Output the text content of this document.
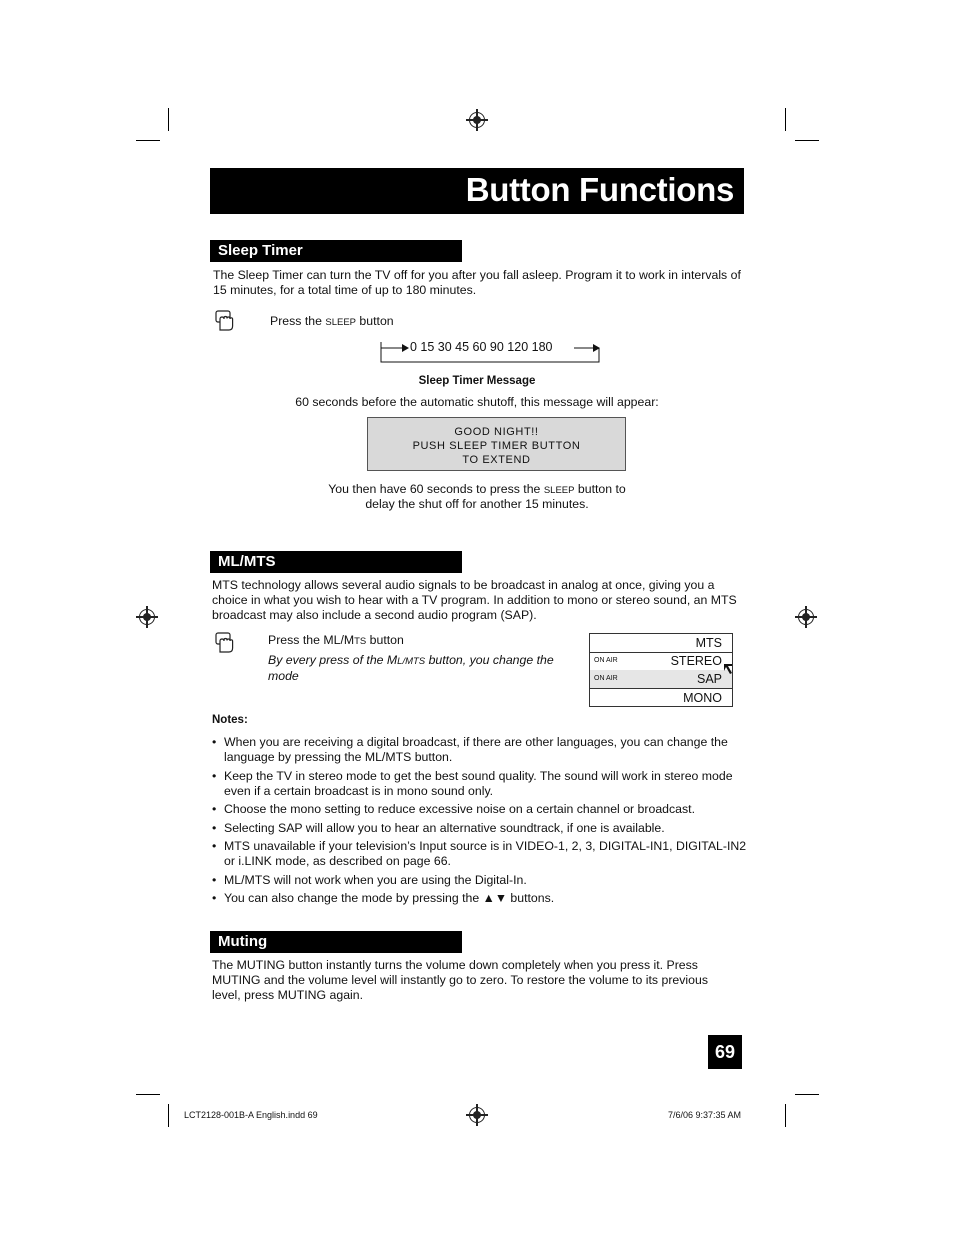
Button Functions
Sleep Timer
The Sleep Timer can turn the TV off for you after you fall asleep. Program it to work in intervals of 15 minutes, for a total time of up to 180 minutes.
Press the SLEEP button
0 15 30 45 60 90 120 180
Sleep Timer Message
60 seconds before the automatic shutoff, this message will appear:
GOOD NIGHT!!
PUSH SLEEP TIMER BUTTON
TO EXTEND
You then have 60 seconds to press the SLEEP button to
delay the shut off for another 15 minutes.
ML/MTS
MTS technology allows several audio signals to be broadcast in analog at once, giving you a choice in what you wish to hear with a TV program. In addition to mono or stereo sound, an MTS broadcast may also include a second audio program (SAP).
Press the ML/MTS button
By every press of the ML/MTS button, you change the mode
MTS
ON AIR	STEREO
ON AIR	SAP
MONO
Notes:
• When you are receiving a digital broadcast, if there are other languages, you can change the language by pressing the ML/MTS button.
• Keep the TV in stereo mode to get the best sound quality. The sound will work in stereo mode even if a certain broadcast is in mono sound only.
• Choose the mono setting to reduce excessive noise on a certain channel or broadcast.
• Selecting SAP will allow you to hear an alternative soundtrack, if one is available.
• MTS unavailable if your television’s Input source is in VIDEO-1, 2, 3, DIGITAL-IN1, DIGITAL-IN2 or i.LINK mode, as described on page 66.
• ML/MTS will not work when you are using the Digital-In.
• You can also change the mode by pressing the ▲▼ buttons.
Muting
The MUTING button instantly turns the volume down completely when you press it. Press MUTING and the volume level will instantly go to zero. To restore the volume to its previous level, press MUTING again.
69
LCT2128-001B-A English.indd 69	7/6/06 9:37:35 AM
